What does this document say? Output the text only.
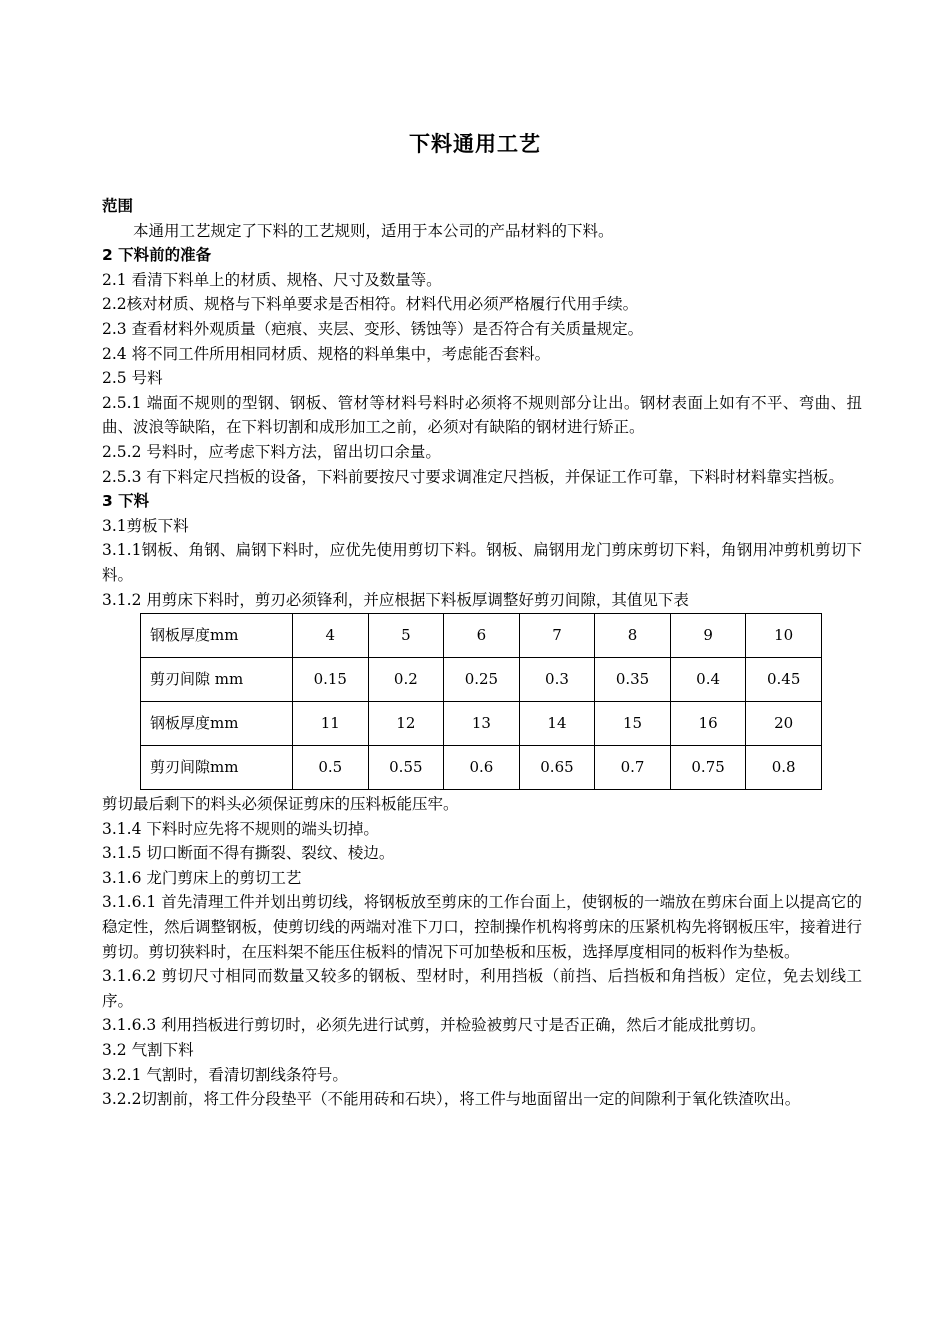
下料通用工艺

范围

本通用工艺规定了下料的工艺规则，适用于本公司的产品材料的下料。

2 下料前的准备

2.1 看清下料单上的材质、规格、尺寸及数量等。

2.2核对材质、规格与下料单要求是否相符。材料代用必须严格履行代用手续。

2.3 查看材料外观质量（疤痕、夹层、变形、锈蚀等）是否符合有关质量规定。

2.4 将不同工件所用相同材质、规格的料单集中，考虑能否套料。

2.5 号料

2.5.1 端面不规则的型钢、钢板、管材等材料号料时必须将不规则部分让出。钢材表面上如有不平、弯曲、扭曲、波浪等缺陷，在下料切割和成形加工之前，必须对有缺陷的钢材进行矫正。

2.5.2 号料时，应考虑下料方法，留出切口余量。

2.5.3 有下料定尺挡板的设备，下料前要按尺寸要求调准定尺挡板，并保证工作可靠，下料时材料靠实挡板。

3 下料

3.1剪板下料

3.1.1钢板、角钢、扁钢下料时，应优先使用剪切下料。钢板、扁钢用龙门剪床剪切下料，角钢用冲剪机剪切下料。

3.1.2 用剪床下料时，剪刃必须锋利，并应根据下料板厚调整好剪刃间隙，其值见下表

钢板厚度mm	4	5	6	7	8	9	10
剪刃间隙 mm	0.15	0.2	0.25	0.3	0.35	0.4	0.45
钢板厚度mm	11	12	13	14	15	16	20
剪刃间隙mm	0.5	0.55	0.6	0.65	0.7	0.75	0.8

剪切最后剩下的料头必须保证剪床的压料板能压牢。

3.1.4 下料时应先将不规则的端头切掉。

3.1.5 切口断面不得有撕裂、裂纹、棱边。

3.1.6 龙门剪床上的剪切工艺

3.1.6.1 首先清理工件并划出剪切线，将钢板放至剪床的工作台面上，使钢板的一端放在剪床台面上以提高它的稳定性，然后调整钢板，使剪切线的两端对准下刀口，控制操作机构将剪床的压紧机构先将钢板压牢，接着进行剪切。剪切狭料时，在压料架不能压住板料的情况下可加垫板和压板，选择厚度相同的板料作为垫板。

3.1.6.2 剪切尺寸相同而数量又较多的钢板、型材时，利用挡板（前挡、后挡板和角挡板）定位，免去划线工序。

3.1.6.3 利用挡板进行剪切时，必须先进行试剪，并检验被剪尺寸是否正确，然后才能成批剪切。

3.2 气割下料

3.2.1 气割时，看清切割线条符号。

3.2.2切割前，将工件分段垫平（不能用砖和石块），将工件与地面留出一定的间隙利于氧化铁渣吹出。
